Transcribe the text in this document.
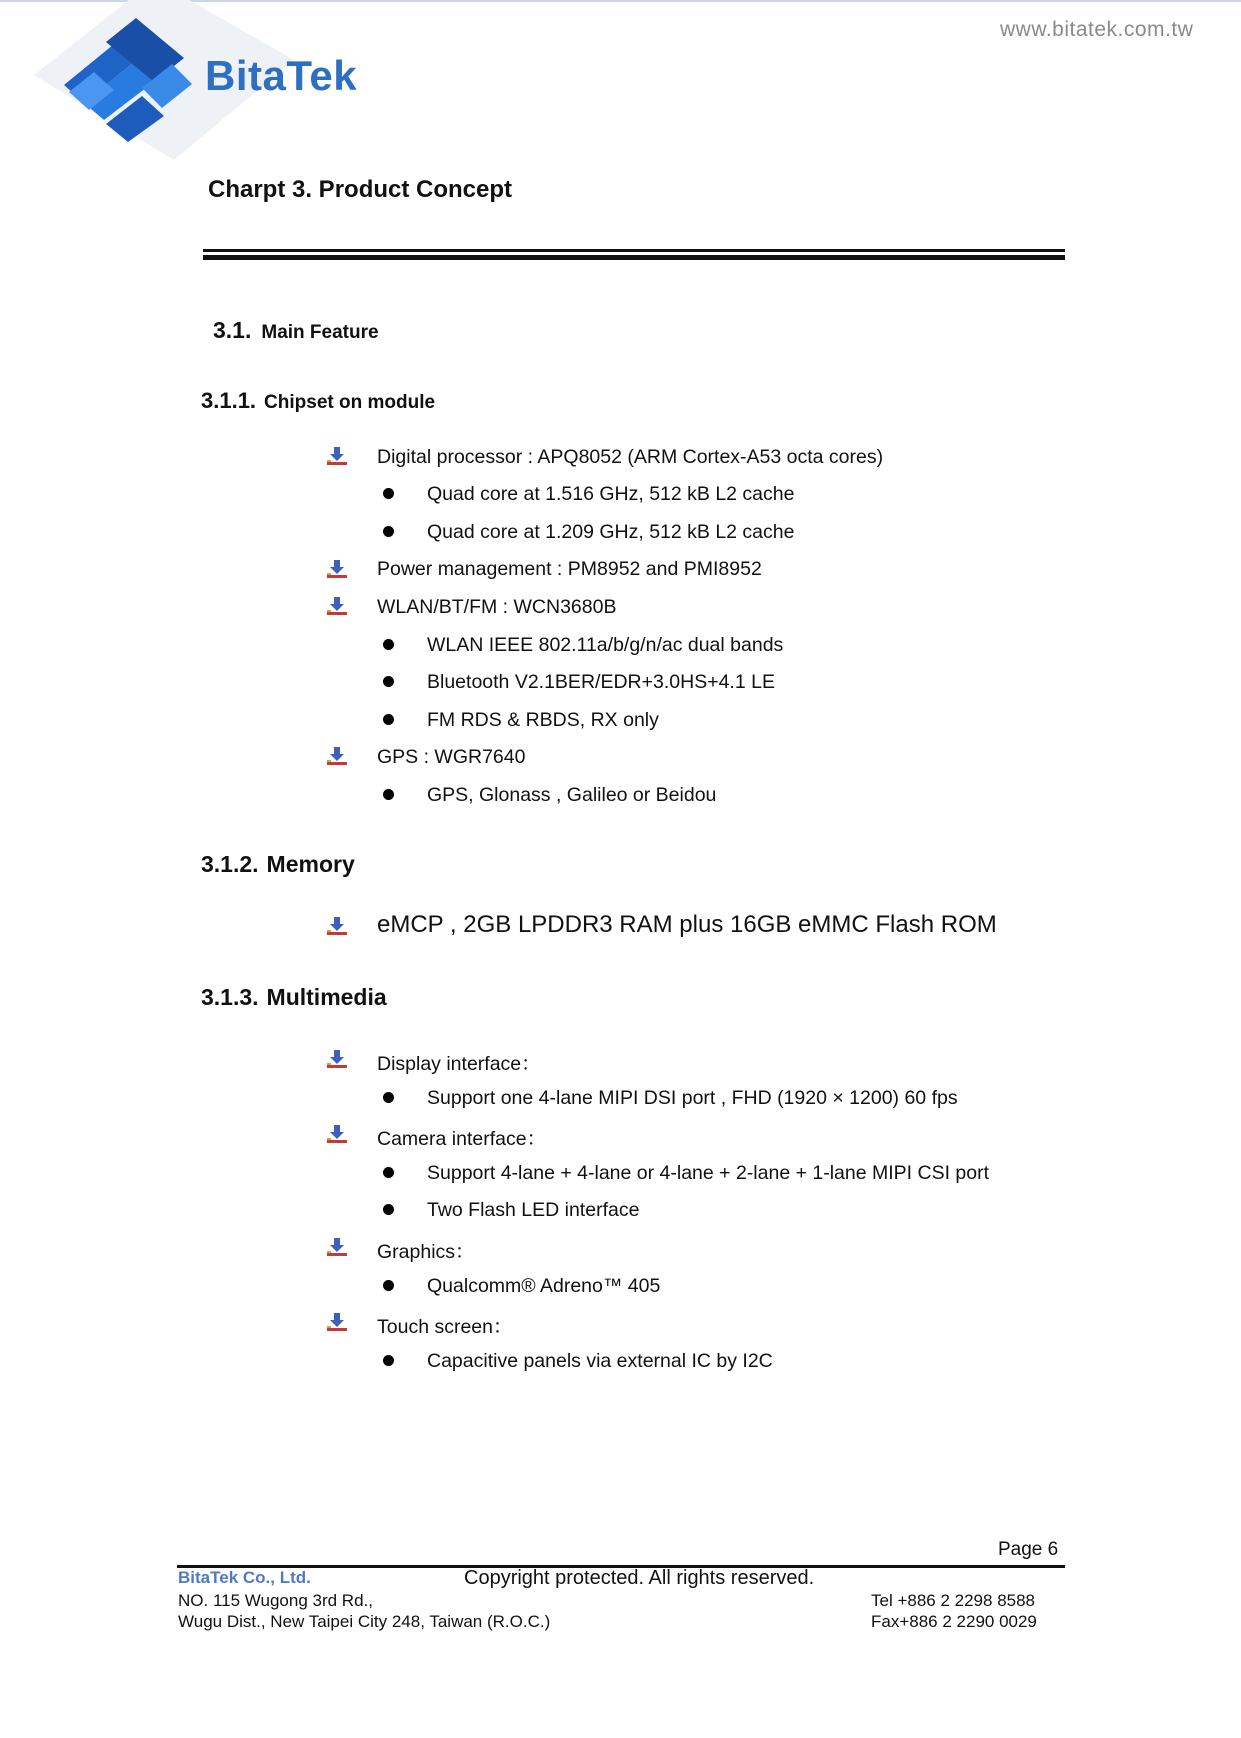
BitaTek
www.bitatek.com.tw
Charpt 3. Product Concept
3.1. Main Feature
3.1.1. Chipset on module
Digital processor : APQ8052 (ARM Cortex-A53 octa cores)
Quad core at 1.516 GHz, 512 kB L2 cache
Quad core at 1.209 GHz, 512 kB L2 cache
Power management : PM8952 and PMI8952
WLAN/BT/FM : WCN3680B
WLAN IEEE 802.11a/b/g/n/ac dual bands
Bluetooth V2.1BER/EDR+3.0HS+4.1 LE
FM RDS & RBDS, RX only
GPS : WGR7640
GPS, Glonass , Galileo or Beidou
3.1.2. Memory
eMCP , 2GB LPDDR3 RAM plus 16GB eMMC Flash ROM
3.1.3. Multimedia
Display interface：
Support one 4-lane MIPI DSI port , FHD (1920 × 1200) 60 fps
Camera interface：
Support 4-lane + 4-lane or 4-lane + 2-lane + 1-lane MIPI CSI port
Two Flash LED interface
Graphics：
Qualcomm® Adreno™ 405
Touch screen：
Capacitive panels via external IC by I2C
Page 6
BitaTek Co., Ltd.	Copyright protected. All rights reserved.
NO. 115 Wugong 3rd Rd.,
Wugu Dist., New Taipei City 248, Taiwan (R.O.C.)
Tel +886 2 2298 8588
Fax+886 2 2290 0029
